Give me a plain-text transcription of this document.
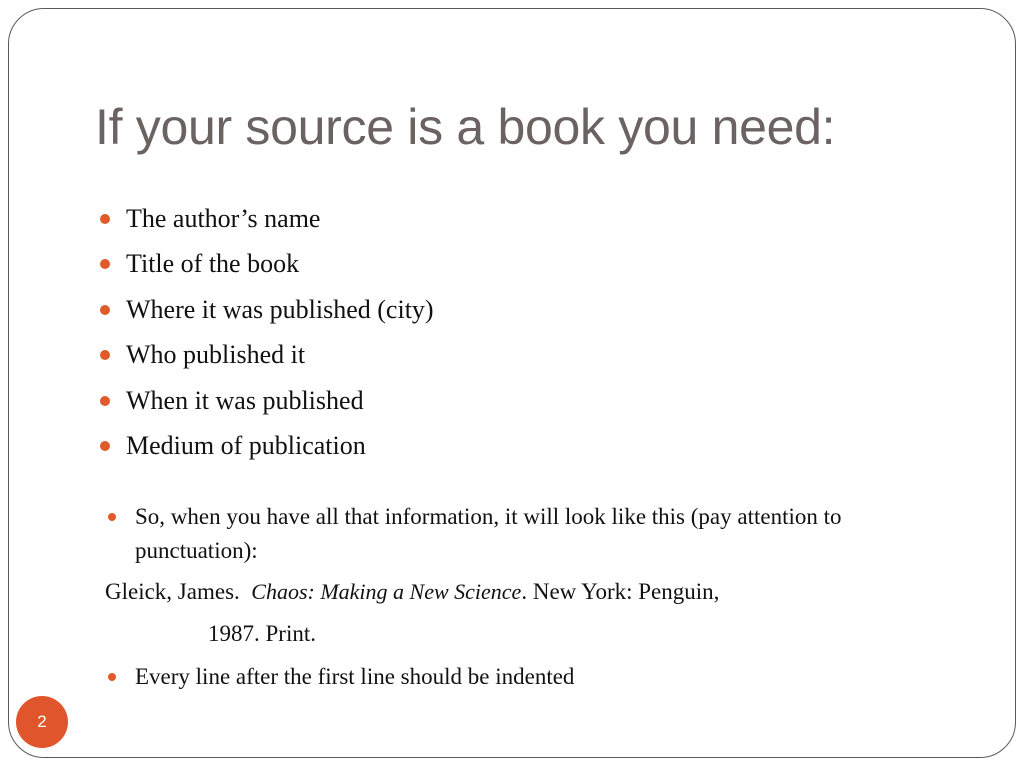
If your source is a book you need:
The author’s name
Title of the book
Where it was published (city)
Who published it
When it was published
Medium of publication
So, when you have all that information, it will look like this (pay attention to punctuation):
Gleick, James. Chaos: Making a New Science. New York: Penguin,
1987. Print.
Every line after the first line should be indented
2
